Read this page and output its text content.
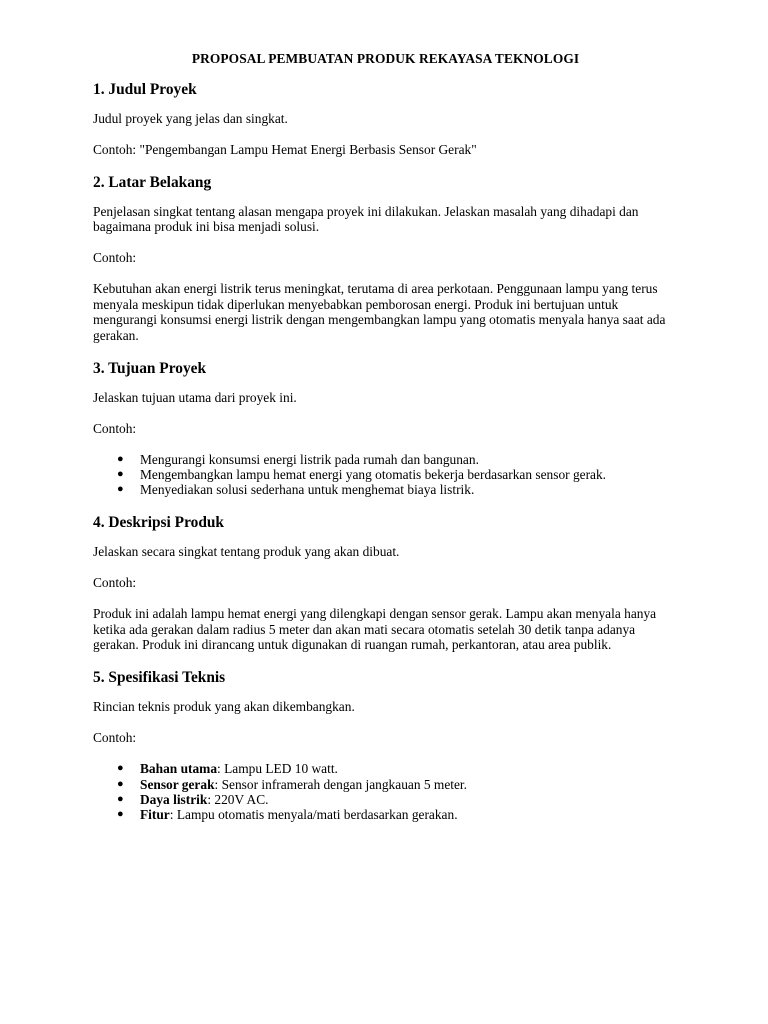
PROPOSAL PEMBUATAN PRODUK REKAYASA TEKNOLOGI
1. Judul Proyek

Judul proyek yang jelas dan singkat.

Contoh: "Pengembangan Lampu Hemat Energi Berbasis Sensor Gerak"

2. Latar Belakang

Penjelasan singkat tentang alasan mengapa proyek ini dilakukan. Jelaskan masalah yang dihadapi dan bagaimana produk ini bisa menjadi solusi.

Contoh:

Kebutuhan akan energi listrik terus meningkat, terutama di area perkotaan. Penggunaan lampu yang terus menyala meskipun tidak diperlukan menyebabkan pemborosan energi. Produk ini bertujuan untuk mengurangi konsumsi energi listrik dengan mengembangkan lampu yang otomatis menyala hanya saat ada gerakan.

3. Tujuan Proyek

Jelaskan tujuan utama dari proyek ini.

Contoh:

● Mengurangi konsumsi energi listrik pada rumah dan bangunan.
● Mengembangkan lampu hemat energi yang otomatis bekerja berdasarkan sensor gerak.
● Menyediakan solusi sederhana untuk menghemat biaya listrik.
4. Deskripsi Produk

Jelaskan secara singkat tentang produk yang akan dibuat.

Contoh:

Produk ini adalah lampu hemat energi yang dilengkapi dengan sensor gerak. Lampu akan menyala hanya ketika ada gerakan dalam radius 5 meter dan akan mati secara otomatis setelah 30 detik tanpa adanya gerakan. Produk ini dirancang untuk digunakan di ruangan rumah, perkantoran, atau area publik.

5. Spesifikasi Teknis

Rincian teknis produk yang akan dikembangkan.

Contoh:

● Bahan utama: Lampu LED 10 watt.
● Sensor gerak: Sensor inframerah dengan jangkauan 5 meter.
● Daya listrik: 220V AC.
● Fitur: Lampu otomatis menyala/mati berdasarkan gerakan.
